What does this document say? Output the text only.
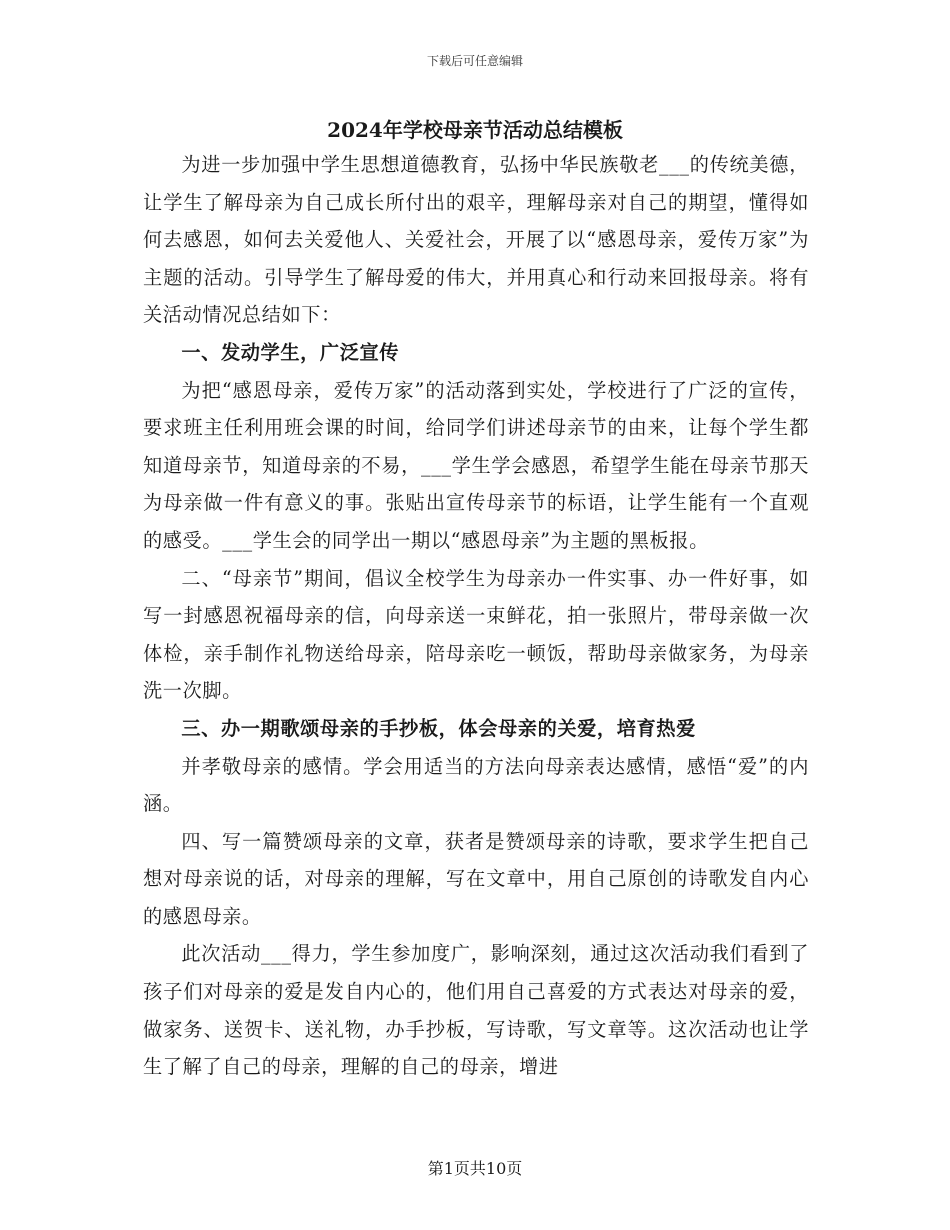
下载后可任意编辑
2024年学校母亲节活动总结模板

为进一步加强中学生思想道德教育，弘扬中华民族敬老___的传统美德，让学生了解母亲为自己成长所付出的艰辛，理解母亲对自己的期望，懂得如何去感恩，如何去关爱他人、关爱社会，开展了以“感恩母亲，爱传万家”为主题的活动。引导学生了解母爱的伟大，并用真心和行动来回报母亲。将有关活动情况总结如下：

一、发动学生，广泛宣传

为把“感恩母亲，爱传万家”的活动落到实处，学校进行了广泛的宣传，要求班主任利用班会课的时间，给同学们讲述母亲节的由来，让每个学生都知道母亲节，知道母亲的不易，___学生学会感恩，希望学生能在母亲节那天为母亲做一件有意义的事。张贴出宣传母亲节的标语，让学生能有一个直观的感受。___学生会的同学出一期以“感恩母亲”为主题的黑板报。

二、“母亲节”期间，倡议全校学生为母亲办一件实事、办一件好事，如写一封感恩祝福母亲的信，向母亲送一束鲜花，拍一张照片，带母亲做一次体检，亲手制作礼物送给母亲，陪母亲吃一顿饭，帮助母亲做家务，为母亲洗一次脚。

三、办一期歌颂母亲的手抄板，体会母亲的关爱，培育热爱

并孝敬母亲的感情。学会用适当的方法向母亲表达感情，感悟“爱”的内涵。

四、写一篇赞颂母亲的文章，获者是赞颂母亲的诗歌，要求学生把自己想对母亲说的话，对母亲的理解，写在文章中，用自己原创的诗歌发自内心的感恩母亲。

此次活动___得力，学生参加度广，影响深刻，通过这次活动我们看到了孩子们对母亲的爱是发自内心的，他们用自己喜爱的方式表达对母亲的爱，做家务、送贺卡、送礼物，办手抄板，写诗歌，写文章等。这次活动也让学生了解了自己的母亲，理解的自己的母亲，增进

第1页共10页
